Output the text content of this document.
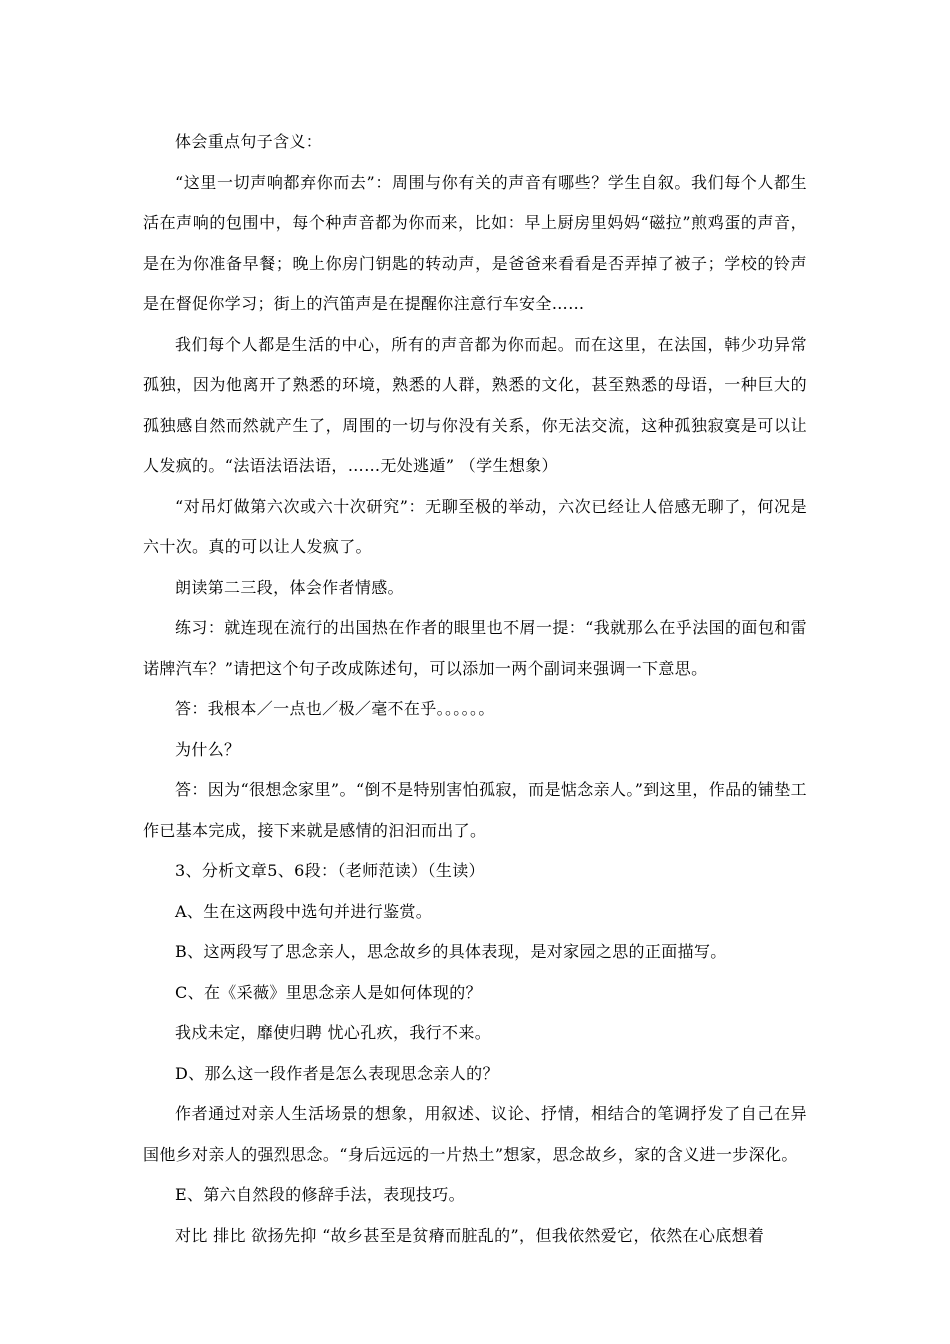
体会重点句子含义：

“这里一切声响都弃你而去”：周围与你有关的声音有哪些？学生自叙。我们每个人都生活在声响的包围中，每个种声音都为你而来，比如：早上厨房里妈妈“磁拉”煎鸡蛋的声音，是在为你准备早餐；晚上你房门钥匙的转动声，是爸爸来看看是否弄掉了被子；学校的铃声是在督促你学习；街上的汽笛声是在提醒你注意行车安全……

我们每个人都是生活的中心，所有的声音都为你而起。而在这里，在法国，韩少功异常孤独，因为他离开了熟悉的环境，熟悉的人群，熟悉的文化，甚至熟悉的母语，一种巨大的孤独感自然而然就产生了，周围的一切与你没有关系，你无法交流，这种孤独寂寞是可以让人发疯的。“法语法语法语，……无处逃遁” （学生想象）

“对吊灯做第六次或六十次研究”：无聊至极的举动，六次已经让人倍感无聊了，何况是六十次。真的可以让人发疯了。

朗读第二三段，体会作者情感。

练习：就连现在流行的出国热在作者的眼里也不屑一提：“我就那么在乎法国的面包和雷诺牌汽车？”请把这个句子改成陈述句，可以添加一两个副词来强调一下意思。

答：我根本／一点也／极／毫不在乎。。。。。。

为什么？

答：因为“很想念家里”。“倒不是特别害怕孤寂，而是惦念亲人。”到这里，作品的铺垫工作已基本完成，接下来就是感情的汩汩而出了。

3、分析文章5、6段：（老师范读）（生读）

A、生在这两段中选句并进行鉴赏。

B、这两段写了思念亲人，思念故乡的具体表现，是对家园之思的正面描写。

C、在《采薇》里思念亲人是如何体现的？

我戍未定，靡使归聘 忧心孔疚，我行不来。

D、那么这一段作者是怎么表现思念亲人的？

作者通过对亲人生活场景的想象，用叙述、议论、抒情，相结合的笔调抒发了自己在异国他乡对亲人的强烈思念。“身后远远的一片热土”想家，思念故乡，家的含义进一步深化。

E、第六自然段的修辞手法，表现技巧。

对比 排比 欲扬先抑 “故乡甚至是贫瘠而脏乱的”，但我依然爱它，依然在心底想着
